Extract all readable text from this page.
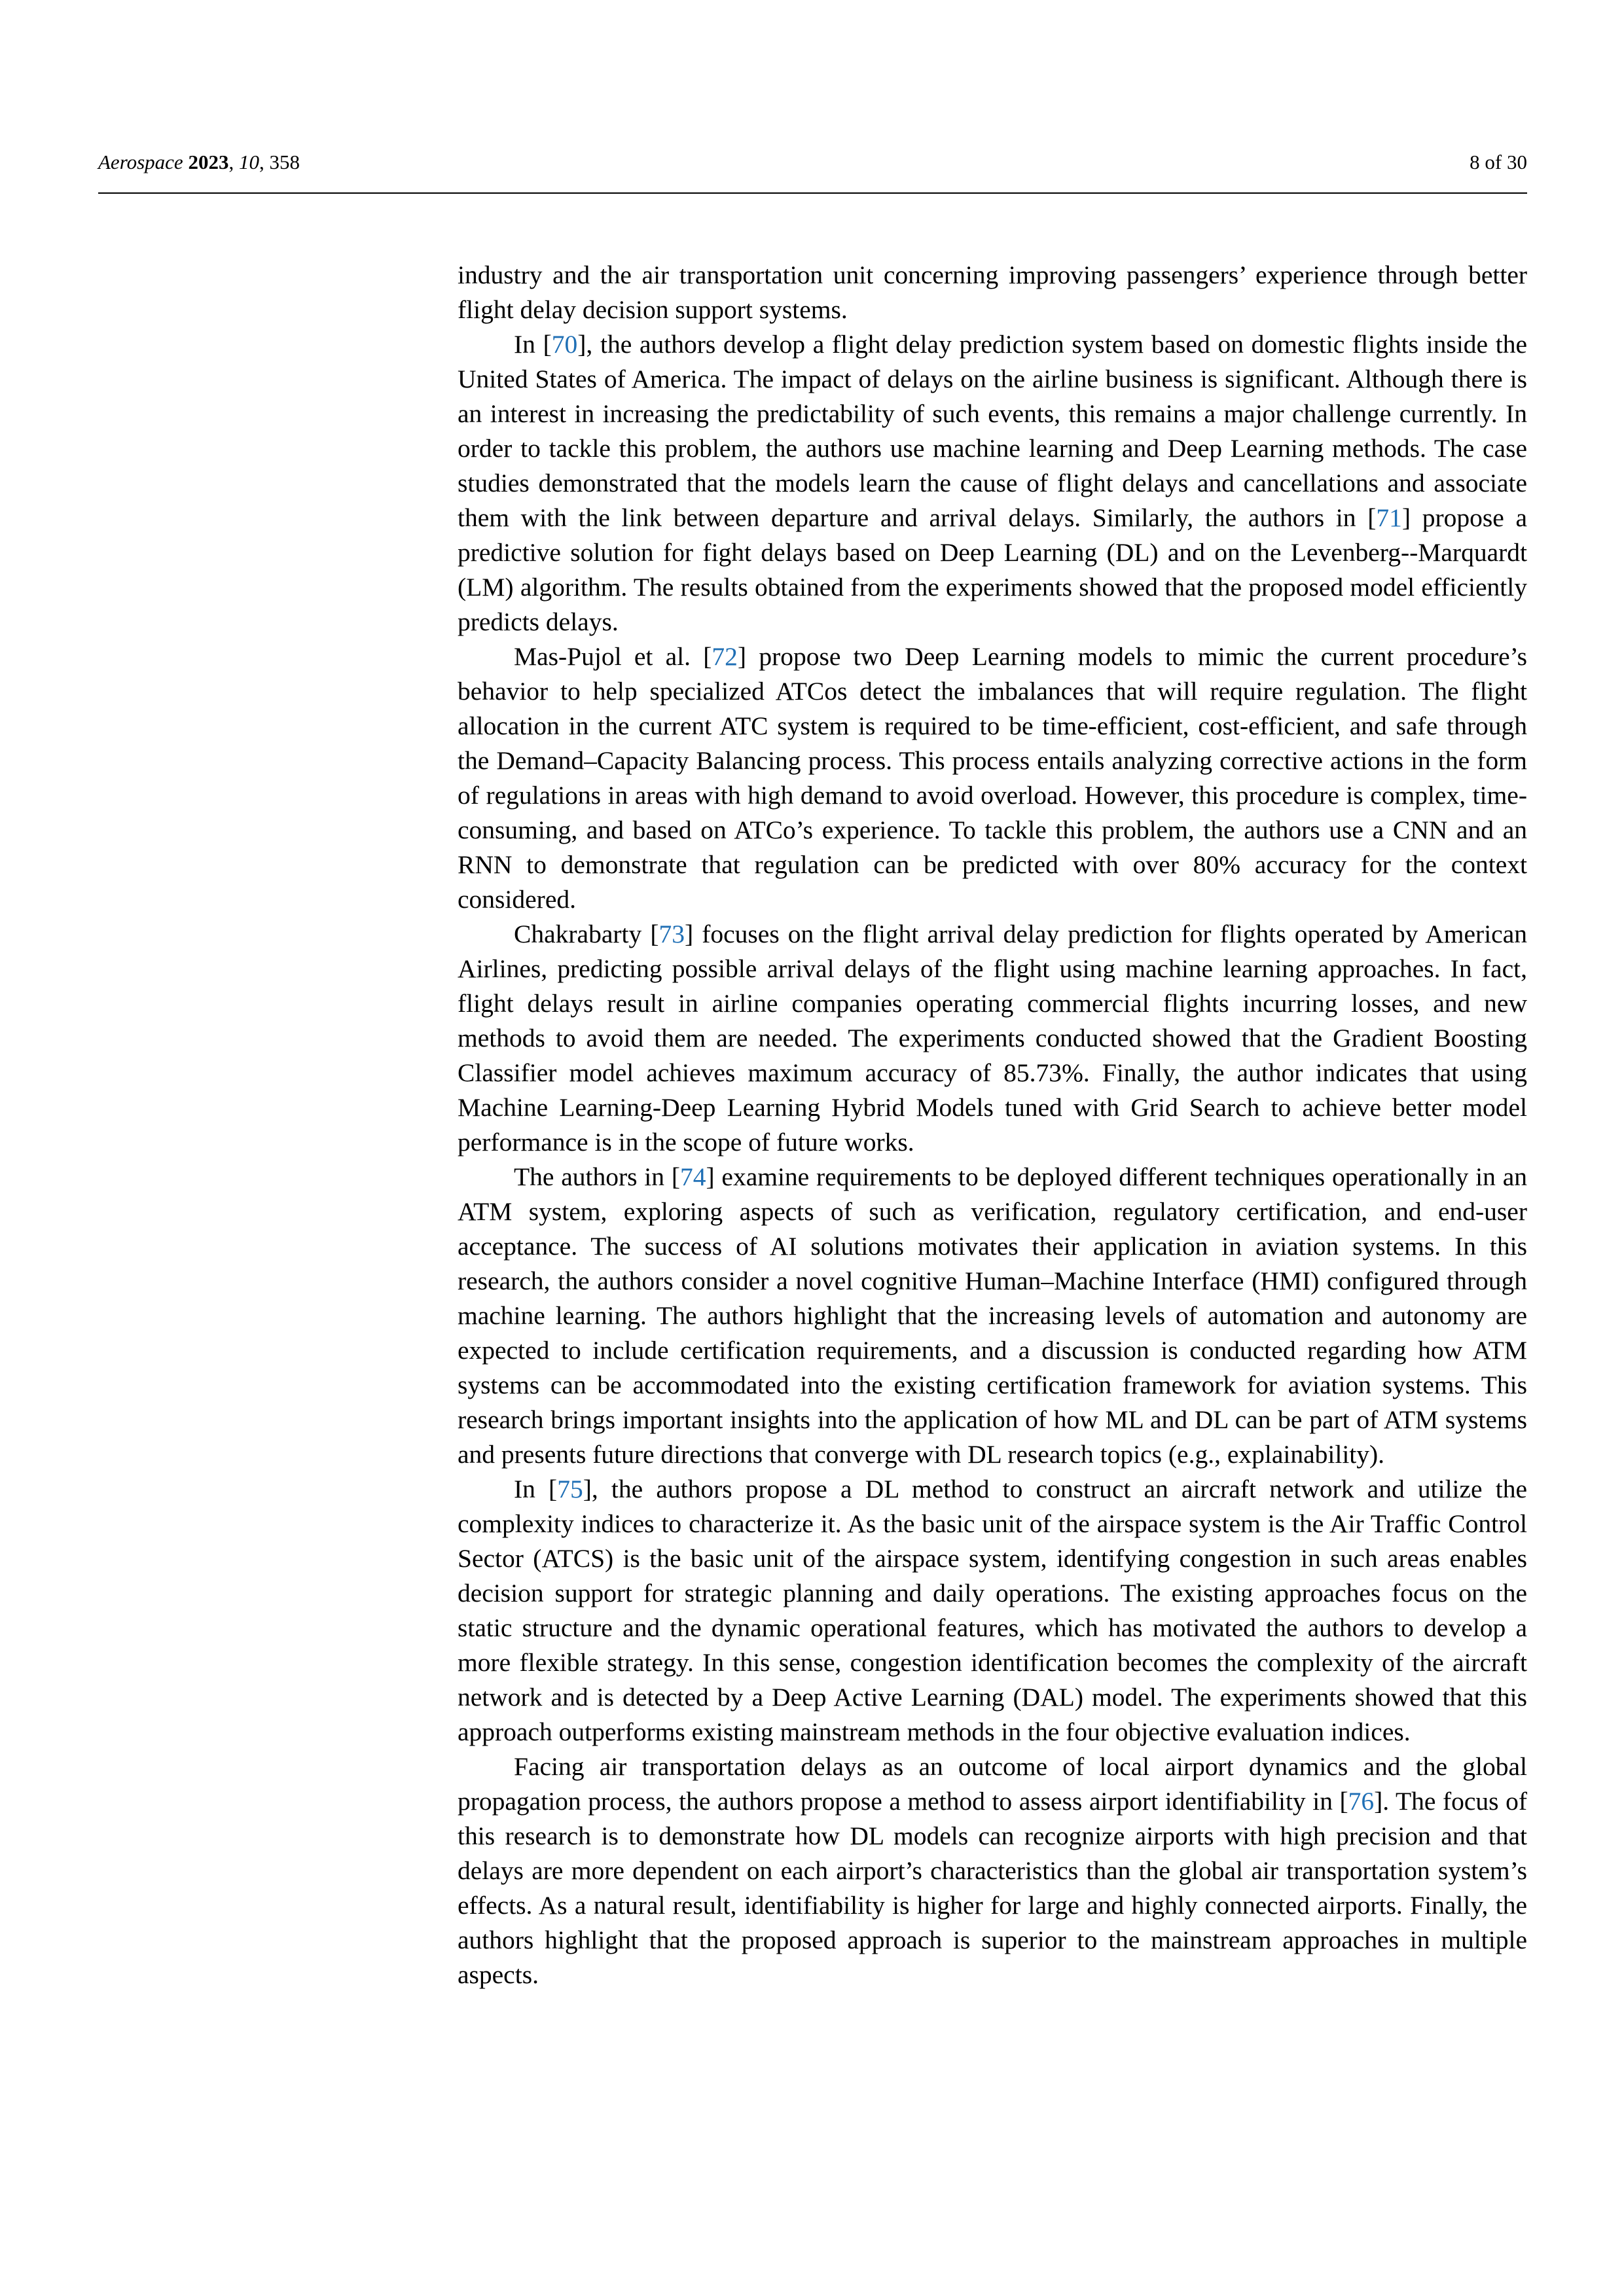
Aerospace 2023, 10, 358	8 of 30

industry and the air transportation unit concerning improving passengers’ experience through better flight delay decision support systems.

In [70], the authors develop a flight delay prediction system based on domestic flights inside the United States of America. The impact of delays on the airline business is significant. Although there is an interest in increasing the predictability of such events, this remains a major challenge currently. In order to tackle this problem, the authors use machine learning and Deep Learning methods. The case studies demonstrated that the models learn the cause of flight delays and cancellations and associate them with the link between departure and arrival delays. Similarly, the authors in [71] propose a predictive solution for fight delays based on Deep Learning (DL) and on the Levenberg--Marquardt (LM) algorithm. The results obtained from the experiments showed that the proposed model efficiently predicts delays.

Mas-Pujol et al. [72] propose two Deep Learning models to mimic the current procedure’s behavior to help specialized ATCos detect the imbalances that will require regulation. The flight allocation in the current ATC system is required to be time-efficient, cost-efficient, and safe through the Demand–Capacity Balancing process. This process entails analyzing corrective actions in the form of regulations in areas with high demand to avoid overload. However, this procedure is complex, time-consuming, and based on ATCo’s experience. To tackle this problem, the authors use a CNN and an RNN to demonstrate that regulation can be predicted with over 80% accuracy for the context considered.

Chakrabarty [73] focuses on the flight arrival delay prediction for flights operated by American Airlines, predicting possible arrival delays of the flight using machine learning approaches. In fact, flight delays result in airline companies operating commercial flights incurring losses, and new methods to avoid them are needed. The experiments conducted showed that the Gradient Boosting Classifier model achieves maximum accuracy of 85.73%. Finally, the author indicates that using Machine Learning-Deep Learning Hybrid Models tuned with Grid Search to achieve better model performance is in the scope of future works.

The authors in [74] examine requirements to be deployed different techniques operationally in an ATM system, exploring aspects of such as verification, regulatory certification, and end-user acceptance. The success of AI solutions motivates their application in aviation systems. In this research, the authors consider a novel cognitive Human–Machine Interface (HMI) configured through machine learning. The authors highlight that the increasing levels of automation and autonomy are expected to include certification requirements, and a discussion is conducted regarding how ATM systems can be accommodated into the existing certification framework for aviation systems. This research brings important insights into the application of how ML and DL can be part of ATM systems and presents future directions that converge with DL research topics (e.g., explainability).

In [75], the authors propose a DL method to construct an aircraft network and utilize the complexity indices to characterize it. As the basic unit of the airspace system is the Air Traffic Control Sector (ATCS) is the basic unit of the airspace system, identifying congestion in such areas enables decision support for strategic planning and daily operations. The existing approaches focus on the static structure and the dynamic operational features, which has motivated the authors to develop a more flexible strategy. In this sense, congestion identification becomes the complexity of the aircraft network and is detected by a Deep Active Learning (DAL) model. The experiments showed that this approach outperforms existing mainstream methods in the four objective evaluation indices.

Facing air transportation delays as an outcome of local airport dynamics and the global propagation process, the authors propose a method to assess airport identifiability in [76]. The focus of this research is to demonstrate how DL models can recognize airports with high precision and that delays are more dependent on each airport’s characteristics than the global air transportation system’s effects. As a natural result, identifiability is higher for large and highly connected airports. Finally, the authors highlight that the proposed approach is superior to the mainstream approaches in multiple aspects.
